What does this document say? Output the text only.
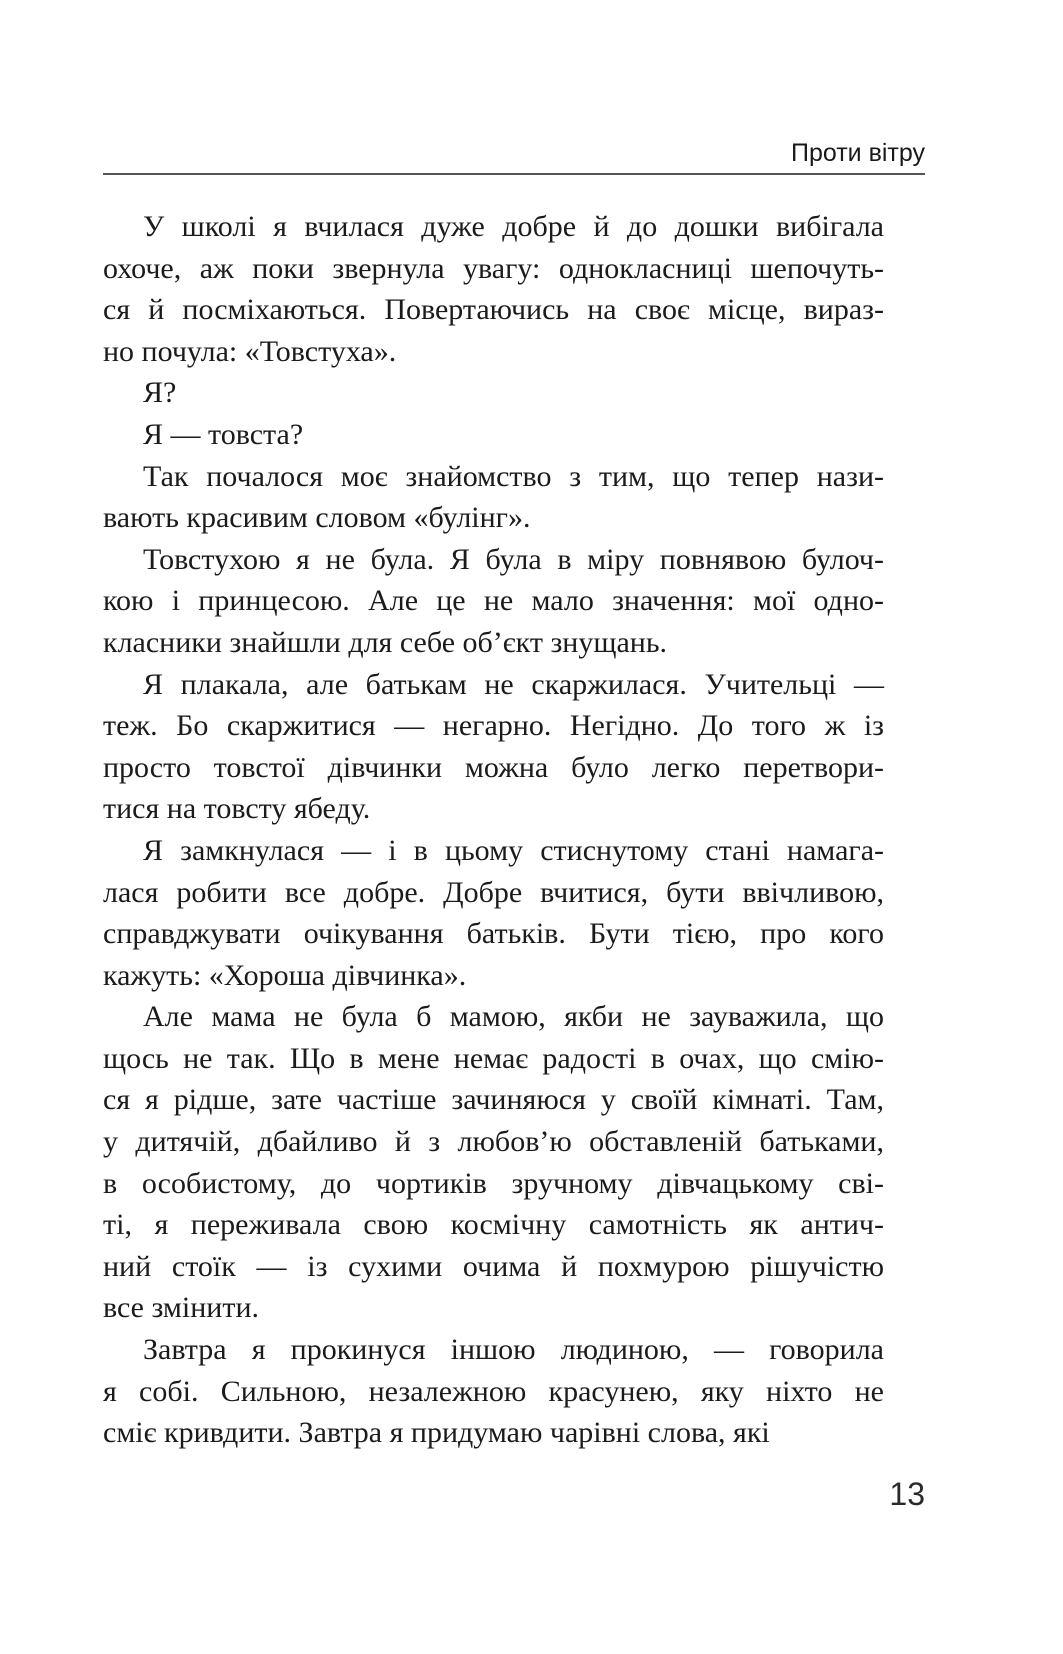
Проти вітру
У школі я вчилася дуже добре й до дошки вибігала
охоче, аж поки звернула увагу: однокласниці шепочуть-
ся й посміхаються. Повертаючись на своє місце, вираз-
но почула: «Товстуха».
Я?
Я — товста?
Так почалося моє знайомство з тим, що тепер нази-
вають красивим словом «булінг».
Товстухою я не була. Я була в міру повнявою булоч-
кою і принцесою. Але це не мало значення: мої одно-
класники знайшли для себе об’єкт знущань.
Я плакала, але батькам не скаржилася. Учительці —
теж. Бо скаржитися — негарно. Негідно. До того ж із
просто товстої дівчинки можна було легко перетвори-
тися на товсту ябеду.
Я замкнулася — і в цьому стиснутому стані намага-
лася робити все добре. Добре вчитися, бути ввічливою,
справджувати очікування батьків. Бути тією, про кого
кажуть: «Хороша дівчинка».
Але мама не була б мамою, якби не зауважила, що
щось не так. Що в мене немає радості в очах, що смію-
ся я рідше, зате частіше зачиняюся у своїй кімнаті. Там,
у дитячій, дбайливо й з любов’ю обставленій батьками,
в особистому, до чортиків зручному дівчацькому сві-
ті, я переживала свою космічну самотність як антич-
ний стоїк — із сухими очима й похмурою рішучістю
все змінити.
Завтра я прокинуся іншою людиною, — говорила
я собі. Сильною, незалежною красунею, яку ніхто не
сміє кривдити. Завтра я придумаю чарівні слова, які
13
